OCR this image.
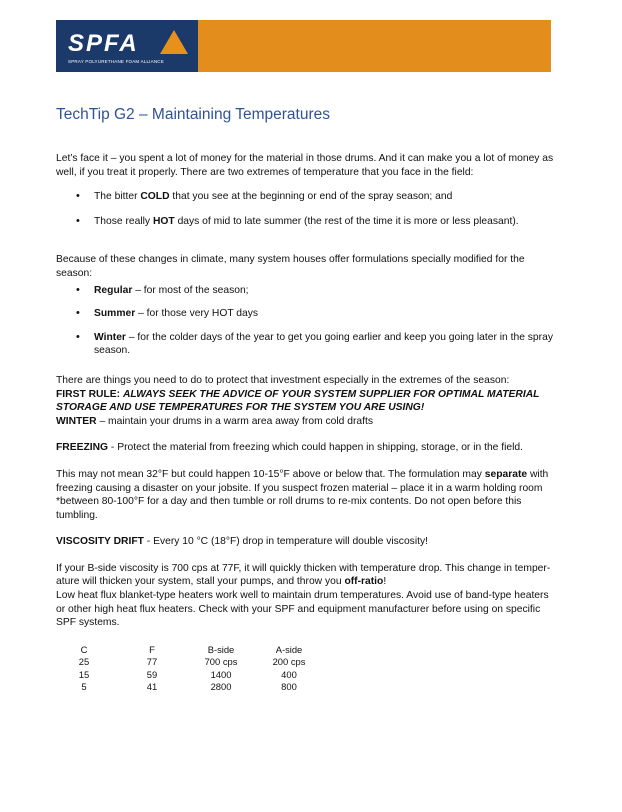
SPFA
SPRAY POLYURETHANE FOAM ALLIANCE
TechTip G2 – Maintaining Temperatures

Let’s face it – you spent a lot of money for the material in those drums. And it can make you a lot of money as well, if you treat it properly. There are two extremes of temperature that you face in the field:

• The bitter COLD that you see at the beginning or end of the spray season; and
• Those really HOT days of mid to late summer (the rest of the time it is more or less pleasant).

Because of these changes in climate, many system houses offer formulations specially modified for the season:

• Regular – for most of the season;
• Summer – for those very HOT days
• Winter – for the colder days of the year to get you going earlier and keep you going later in the spray season.

There are things you need to do to protect that investment especially in the extremes of the season:

FIRST RULE: ALWAYS SEEK THE ADVICE OF YOUR SYSTEM SUPPLIER FOR OPTIMAL MATERIAL STORAGE AND USE TEMPERATURES FOR THE SYSTEM YOU ARE USING!

WINTER – maintain your drums in a warm area away from cold drafts

FREEZING - Protect the material from freezing which could happen in shipping, storage, or in the field.

This may not mean 32°F but could happen 10-15°F above or below that. The formulation may separate with freezing causing a disaster on your jobsite. If you suspect frozen material – place it in a warm holding room *between 80-100°F for a day and then tumble or roll drums to re-mix contents. Do not open before this tumbling.

VISCOSITY DRIFT - Every 10 °C (18°F) drop in temperature will double viscosity!

If your B-side viscosity is 700 cps at 77F, it will quickly thicken with temperature drop. This change in temper-ature will thicken your system, stall your pumps, and throw you off-ratio!

Low heat flux blanket-type heaters work well to maintain drum temperatures. Avoid use of band-type heaters or other high heat flux heaters. Check with your SPF and equipment manufacturer before using on specific SPF systems.

C	F	B-side	A-side
25	77	700 cps	200 cps
15	59	1400	400
5	41	2800	800
